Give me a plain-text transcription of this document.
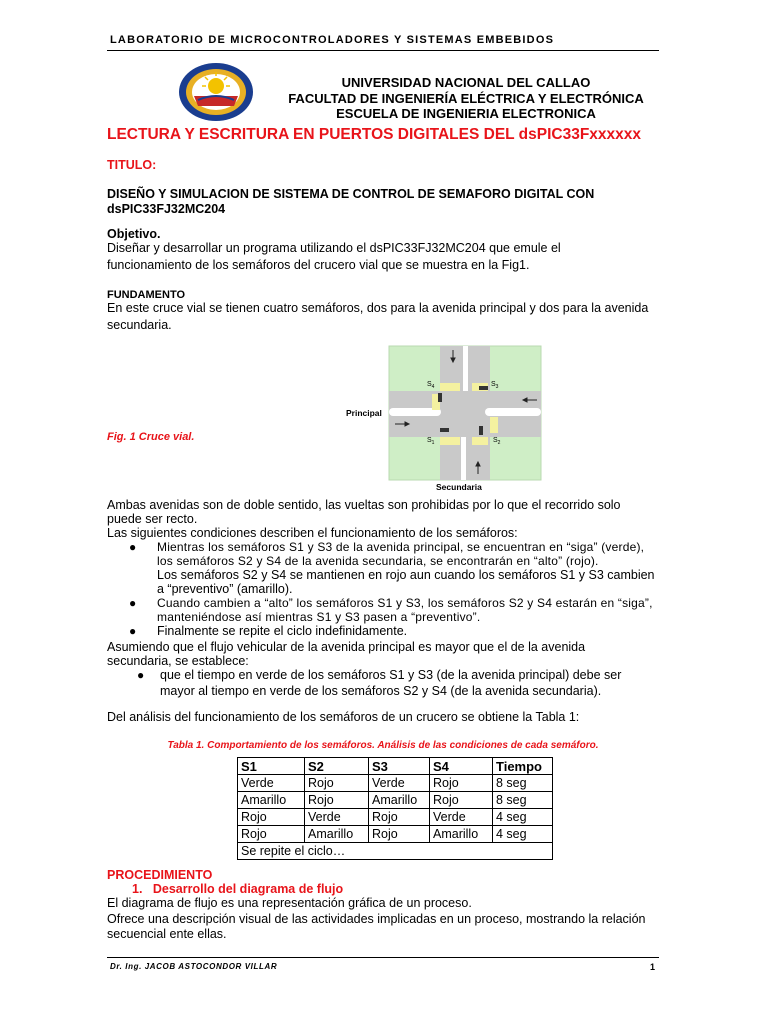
LABORATORIO DE MICROCONTROLADORES Y SISTEMAS EMBEBIDOS
UNIVERSIDAD NACIONAL DEL CALLAO
FACULTAD DE INGENIERÍA ELÉCTRICA Y ELECTRÓNICA
ESCUELA DE INGENIERIA ELECTRONICA
LECTURA Y ESCRITURA EN PUERTOS DIGITALES DEL dsPIC33Fxxxxxx
TITULO:
DISEÑO Y SIMULACION DE SISTEMA DE CONTROL DE SEMAFORO DIGITAL CON
dsPIC33FJ32MC204
Objetivo.
Diseñar y desarrollar un programa utilizando el dsPIC33FJ32MC204 que emule el
funcionamiento de los semáforos del crucero vial que se muestra en la Fig1.
FUNDAMENTO
En este cruce vial se tienen cuatro semáforos, dos para la avenida principal y dos para la avenida
secundaria.
$S_4$	$S_3$
$S_1$	$S_2$
Principal
Secundaria
Fig. 1 Cruce vial.
Ambas avenidas son de doble sentido, las vueltas son prohibidas por lo que el recorrido solo
puede ser recto.
Las siguientes condiciones describen el funcionamiento de los semáforos:
● Mientras los semáforos S1 y S3 de la avenida principal, se encuentran en “siga” (verde),
los semáforos S2 y S4 de la avenida secundaria, se encontrarán en “alto” (rojo).
Los semáforos S2 y S4 se mantienen en rojo aun cuando los semáforos S1 y S3 cambien
a “preventivo” (amarillo).
● Cuando cambien a “alto” los semáforos S1 y S3, los semáforos S2 y S4 estarán en “siga”,
manteniéndose así mientras S1 y S3 pasen a “preventivo”.
● Finalmente se repite el ciclo indefinidamente.
Asumiendo que el flujo vehicular de la avenida principal es mayor que el de la avenida
secundaria, se establece:
● que el tiempo en verde de los semáforos S1 y S3 (de la avenida principal) debe ser
mayor al tiempo en verde de los semáforos S2 y S4 (de la avenida secundaria).
Del análisis del funcionamiento de los semáforos de un crucero se obtiene la Tabla 1:
Tabla 1. Comportamiento de los semáforos. Análisis de las condiciones de cada semáforo.
S1	S2	S3	S4	Tiempo
Verde	Rojo	Verde	Rojo	8 seg
Amarillo	Rojo	Amarillo	Rojo	8 seg
Rojo	Verde	Rojo	Verde	4 seg
Rojo	Amarillo	Rojo	Amarillo	4 seg
Se repite el ciclo…				
PROCEDIMIENTO
1.   Desarrollo del diagrama de flujo
El diagrama de flujo es una representación gráfica de un proceso.
Ofrece una descripción visual de las actividades implicadas en un proceso, mostrando la relación
secuencial ente ellas.
Dr. Ing. JACOB ASTOCONDOR VILLAR	1
